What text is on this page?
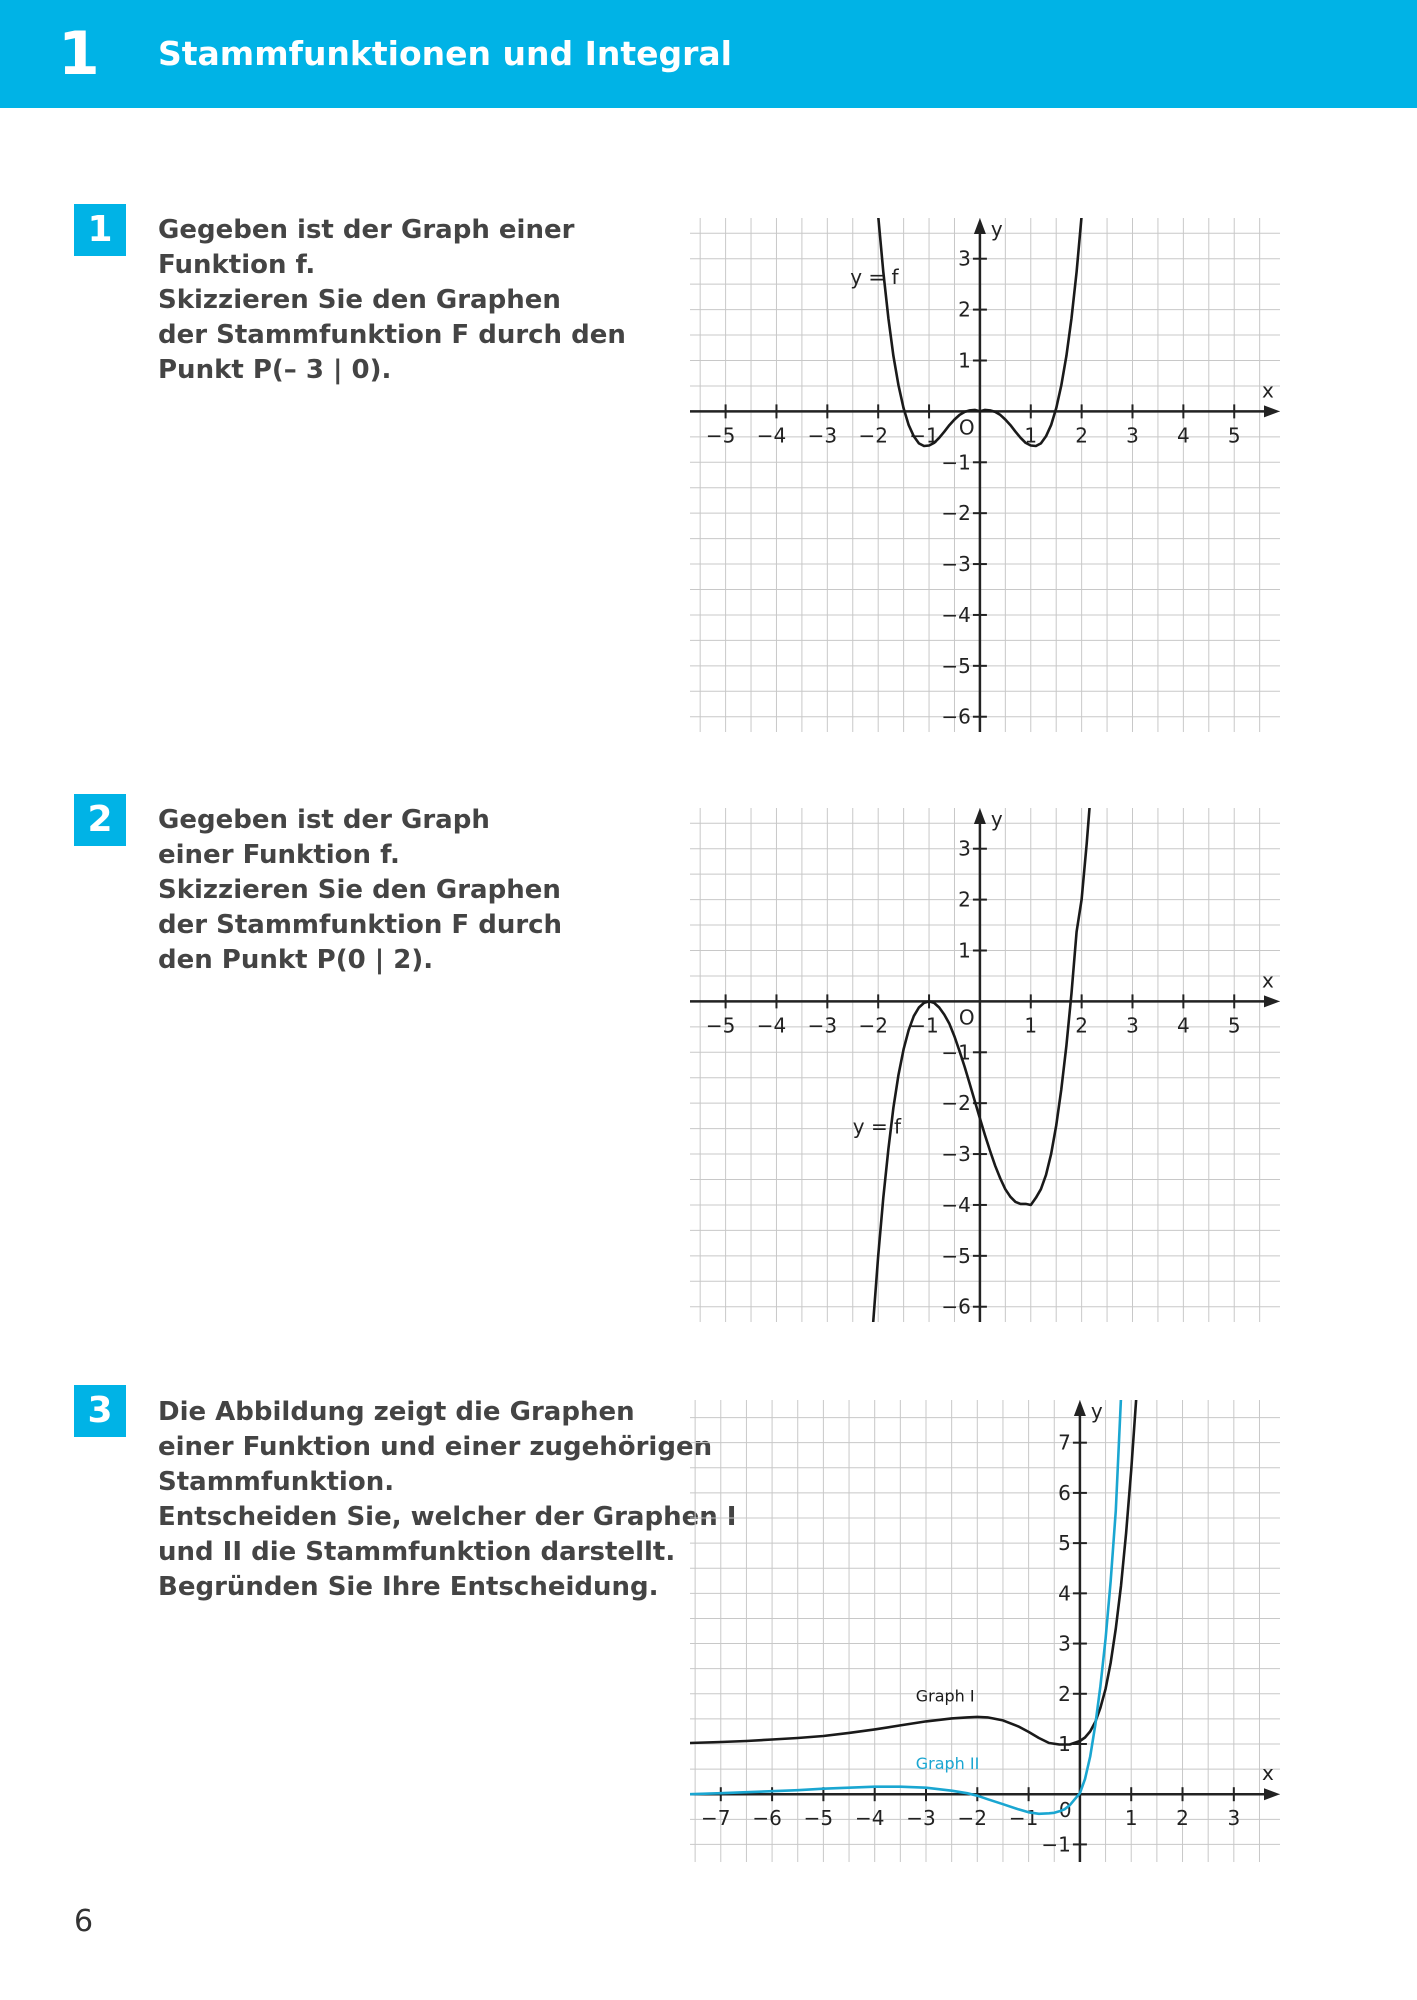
1 Stammfunktionen und Integral
1	Gegeben ist der Graph einer
Funktion f.
Skizzieren Sie den Graphen
der Stammfunktion F durch den
Punkt P(– 3 | 0).
x
y
O
−5 −4 −3 −2 −1	1 2 3 4 5
3
2
1
−1
−2
−3
−4
−5
−6
y = f
2	Gegeben ist der Graph
einer Funktion f.
Skizzieren Sie den Graphen
der Stammfunktion F durch
den Punkt P(0 | 2).
x
y
O
−5 −4 −3 −2 −1	1 2 3 4 5
3
2
1
−1
−2
−3
−4
−5
−6
y = f
3	Die Abbildung zeigt die Graphen
einer Funktion und einer zugehörigen
Stammfunktion.
Entscheiden Sie, welcher der Graphen I
und II die Stammfunktion darstellt.
Begründen Sie Ihre Entscheidung.
x
y
0
−7 −6 −5 −4 −3 −2 −1	1 2 3
7
6
5
4
3
2
1
−1
Graph I
Graph II
6
